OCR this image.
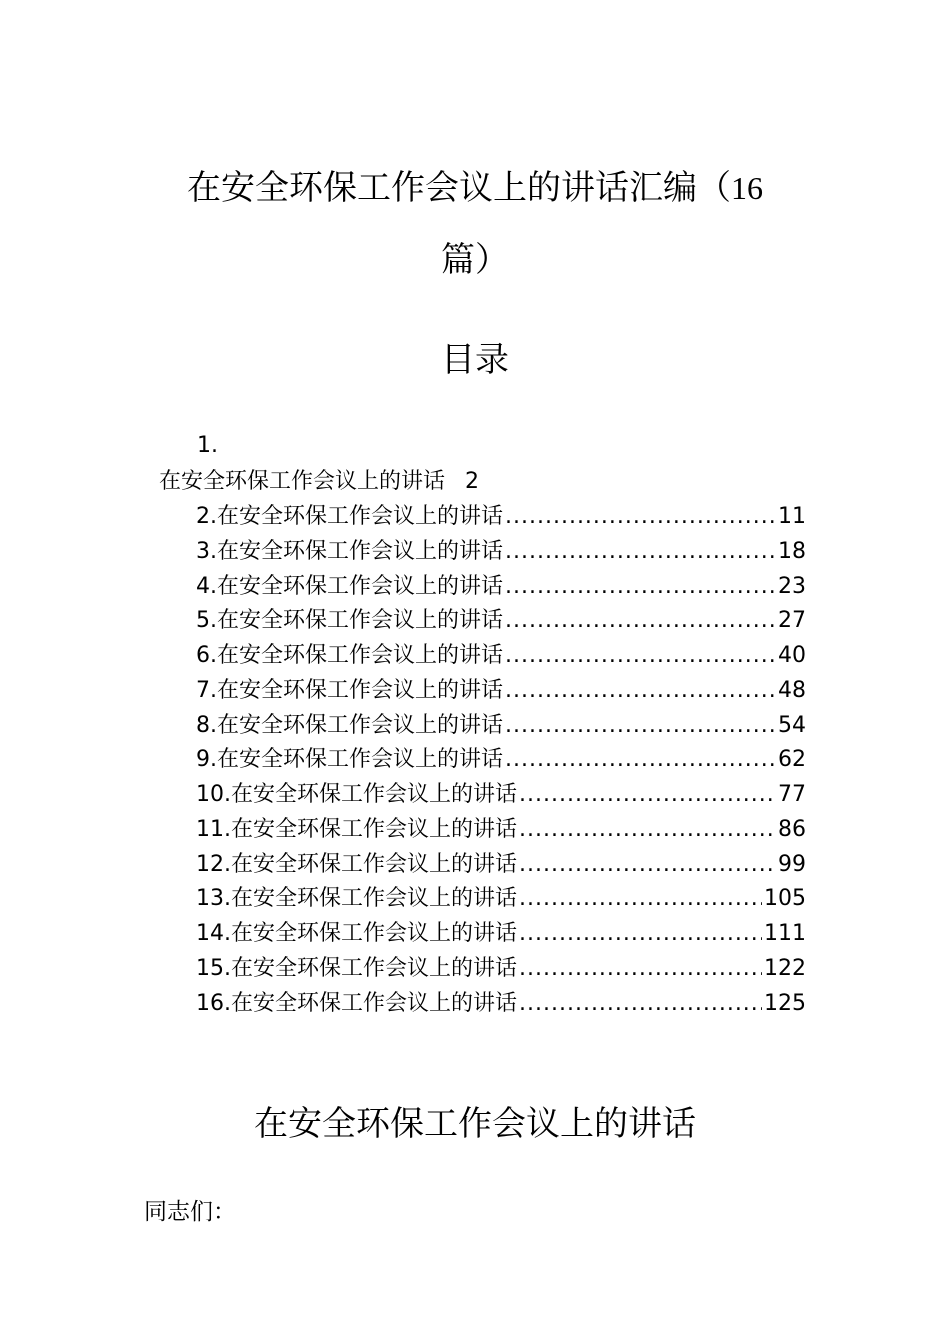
在安全环保工作会议上的讲话汇编（16
篇）
目录
1.
在安全环保工作会议上的讲话 2
2.在安全环保工作会议上的讲话 .....	11
3.在安全环保工作会议上的讲话 .....	18
4.在安全环保工作会议上的讲话 .....	23
5.在安全环保工作会议上的讲话 .....	27
6.在安全环保工作会议上的讲话 .....	40
7.在安全环保工作会议上的讲话 .....	48
8.在安全环保工作会议上的讲话 .....	54
9.在安全环保工作会议上的讲话 .....	62
10.在安全环保工作会议上的讲话 .....	77
11.在安全环保工作会议上的讲话 .....	86
12.在安全环保工作会议上的讲话 .....	99
13.在安全环保工作会议上的讲话 .....	105
14.在安全环保工作会议上的讲话 .....	111
15.在安全环保工作会议上的讲话 .....	122
16.在安全环保工作会议上的讲话 .....	125
在安全环保工作会议上的讲话
同志们：
